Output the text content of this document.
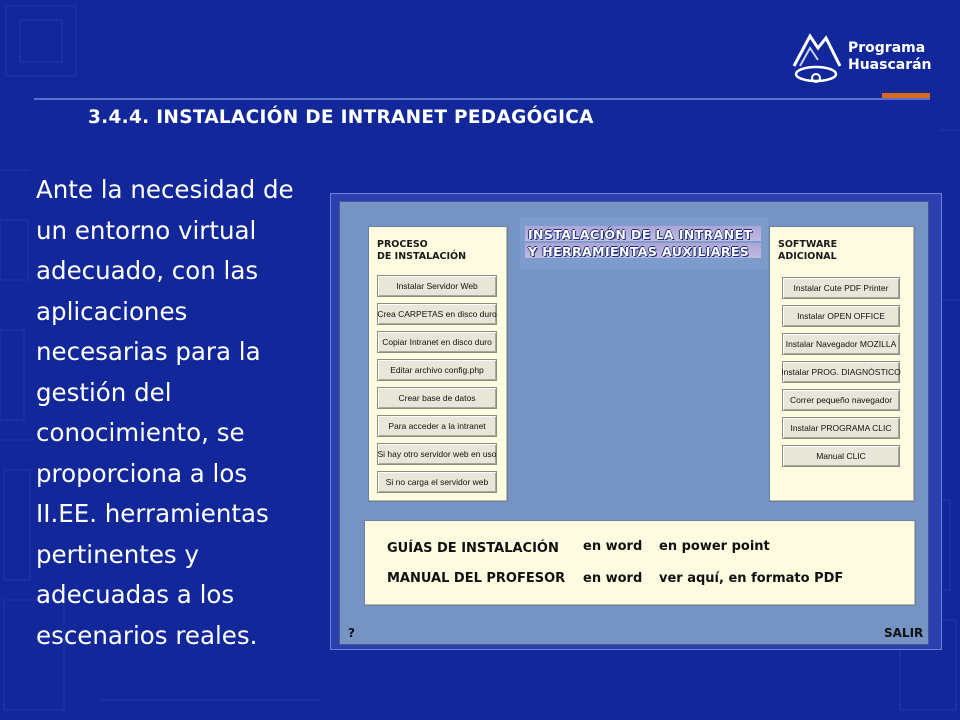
Programa
Huascarán
3.4.4. INSTALACIÓN DE INTRANET PEDAGÓGICA
Ante la necesidad de
un entorno virtual
adecuado, con las
aplicaciones
necesarias para la
gestión del
conocimiento, se
proporciona a los
II.EE. herramientas
pertinentes y
adecuadas a los
escenarios reales.
INSTALACIÓN DE LA INTRANET
Y HERRAMIENTAS AUXILIARES
PROCESO
DE INSTALACIÓN
Instalar Servidor Web
Crea CARPETAS en disco duro
Copiar Intranet en disco duro
Editar archivo config.php
Crear base de datos
Para acceder a la intranet
Si hay otro servidor web en uso
Si no carga el servidor web
SOFTWARE
ADICIONAL
Instalar Cute PDF Printer
Instalar OPEN OFFICE
Instalar Navegador MOZILLA
Instalar PROG. DIAGNÓSTICO
Correr pequeño navegador
Instalar PROGRAMA CLIC
Manual CLIC
GUÍAS DE INSTALACIÓN en word en power point
MANUAL DEL PROFESOR en word ver aquí, en formato PDF
?	SALIR
